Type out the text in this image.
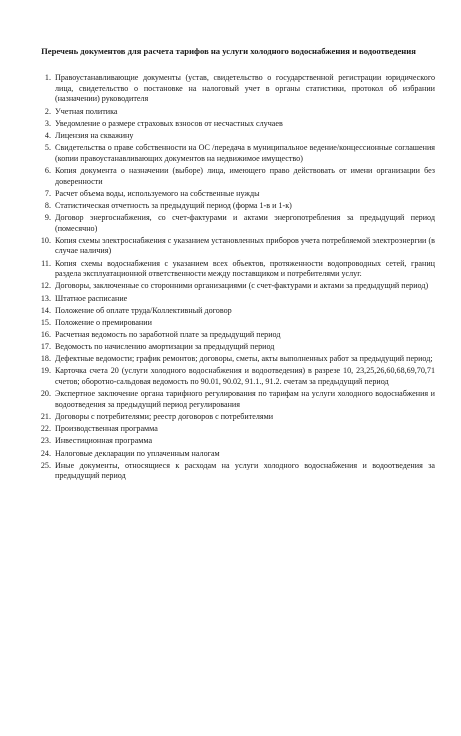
Перечень документов для расчета тарифов на услуги холодного водоснабжения и водоотведения
1. Правоустанавливающие документы (устав, свидетельство о государственной регистрации юридического лица, свидетельство о постановке на налоговый учет в органы статистики, протокол об избрании (назначении) руководителя
2. Учетная политика
3. Уведомление о размере страховых взносов от несчастных случаев
4. Лицензия на скважину
5. Свидетельства о праве собственности на ОС /передача в муниципальное ведение/концессионные соглашения (копии правоустанавливающих документов на недвижимое имущество)
6. Копия документа о назначении (выборе) лица, имеющего право действовать от имени организации без доверенности
7. Расчет объема воды, используемого на собственные нужды
8. Статистическая отчетность за предыдущий период (форма 1-в и 1-к)
9. Договор энергоснабжения, со счет-фактурами и актами энергопотребления за предыдущий период (помесячно)
10. Копия схемы электроснабжения с указанием установленных приборов учета потребляемой электроэнергии (в случае наличия)
11. Копия схемы водоснабжения с указанием всех объектов, протяженности водопроводных сетей, границ раздела эксплуатационной ответственности между поставщиком и потребителями услуг.
12. Договоры, заключенные со сторонними организациями (с счет-фактурами и актами за предыдущий период)
13. Штатное расписание
14. Положение об оплате труда/Коллективный договор
15. Положение о премировании
16. Расчетная ведомость по заработной плате за предыдущий период
17. Ведомость по начислению амортизации за предыдущий период
18. Дефектные ведомости; график ремонтов; договоры, сметы, акты выполненных работ за предыдущий период;
19. Карточка счета 20 (услуги холодного водоснабжения и водоотведения) в разрезе 10, 23,25,26,60,68,69,70,71 счетов; оборотно-сальдовая ведомость по 90.01, 90.02, 91.1., 91.2. счетам за предыдущий период
20. Экспертное заключение органа тарифного регулирования по тарифам на услуги холодного водоснабжения и водоотведения за предыдущий период регулирования
21. Договоры с потребителями; реестр договоров с потребителями
22. Производственная программа
23. Инвестиционная программа
24. Налоговые декларации по уплаченным налогам
25. Иные документы, относящиеся к расходам на услуги холодного водоснабжения и водоотведения за предыдущий период
